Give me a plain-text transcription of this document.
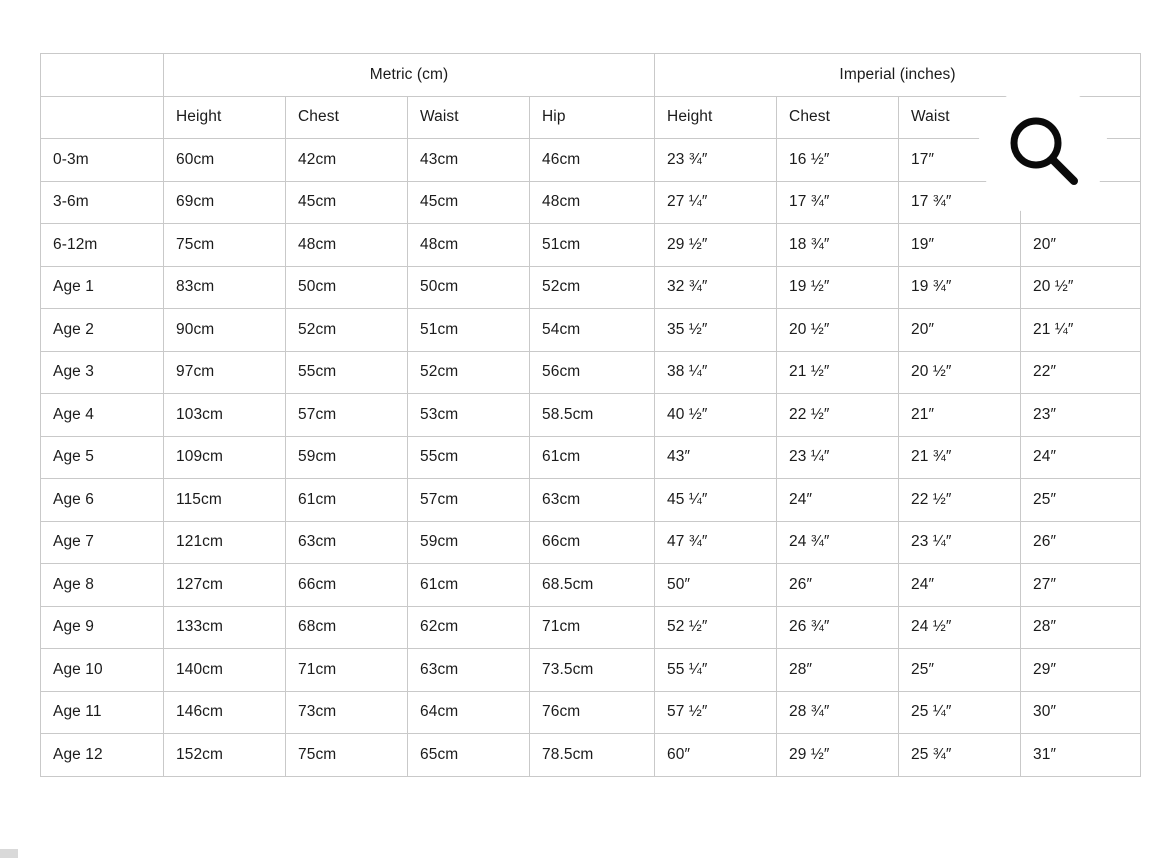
	Metric (cm)				Imperial (inches)			
	Height	Chest	Waist	Hip	Height	Chest	Waist	
0-3m	60cm	42cm	43cm	46cm	23 ¾″	16 ½″	17″	
3-6m	69cm	45cm	45cm	48cm	27 ¼″	17 ¾″	17 ¾″	
6-12m	75cm	48cm	48cm	51cm	29 ½″	18 ¾″	19″	20″
Age 1	83cm	50cm	50cm	52cm	32 ¾″	19 ½″	19 ¾″	20 ½″
Age 2	90cm	52cm	51cm	54cm	35 ½″	20 ½″	20″	21 ¼″
Age 3	97cm	55cm	52cm	56cm	38 ¼″	21 ½″	20 ½″	22″
Age 4	103cm	57cm	53cm	58.5cm	40 ½″	22 ½″	21″	23″
Age 5	109cm	59cm	55cm	61cm	43″	23 ¼″	21 ¾″	24″
Age 6	115cm	61cm	57cm	63cm	45 ¼″	24″	22 ½″	25″
Age 7	121cm	63cm	59cm	66cm	47 ¾″	24 ¾″	23 ¼″	26″
Age 8	127cm	66cm	61cm	68.5cm	50″	26″	24″	27″
Age 9	133cm	68cm	62cm	71cm	52 ½″	26 ¾″	24 ½″	28″
Age 10	140cm	71cm	63cm	73.5cm	55 ¼″	28″	25″	29″
Age 11	146cm	73cm	64cm	76cm	57 ½″	28 ¾″	25 ¼″	30″
Age 12	152cm	75cm	65cm	78.5cm	60″	29 ½″	25 ¾″	31″
